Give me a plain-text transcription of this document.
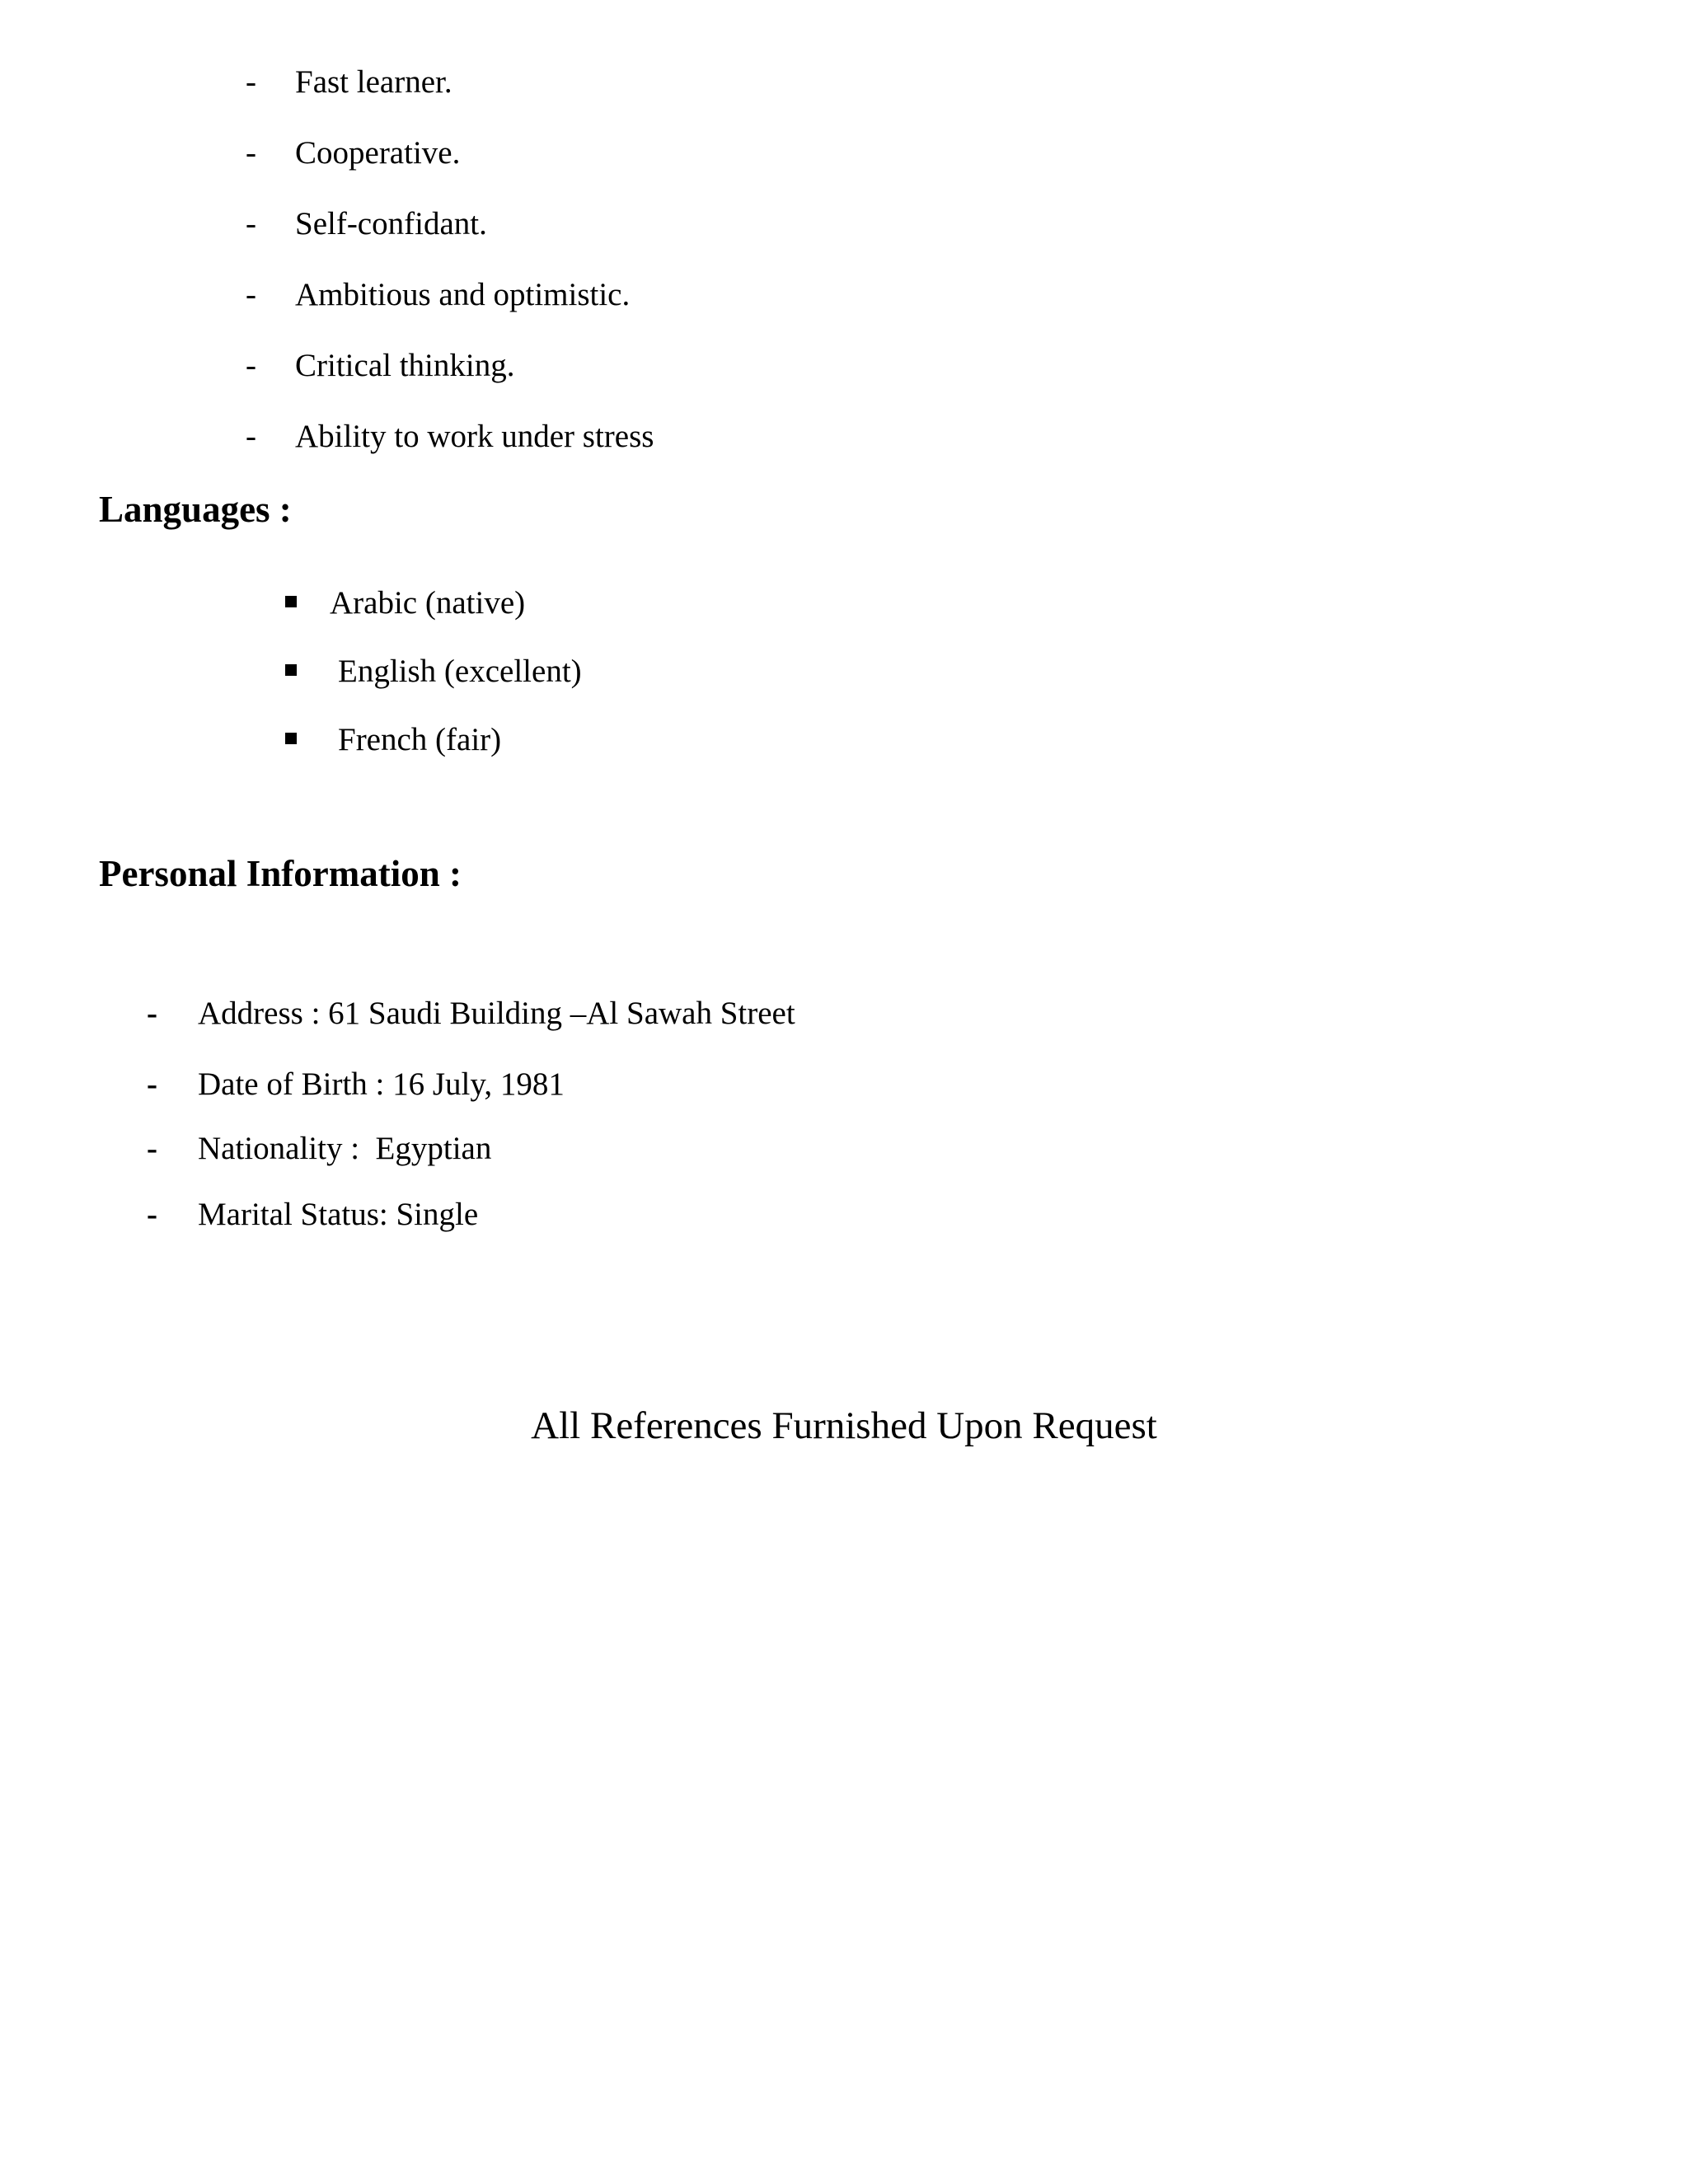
-	Fast learner.
-	Cooperative.
-	Self-confidant.
-	Ambitious and optimistic.
-	Critical thinking.
-	Ability to work under stress
Languages :
Arabic (native)
English (excellent)
French (fair)
Personal Information :
-	Address : 61 Saudi Building –Al Sawah Street
-	Date of Birth : 16 July, 1981
-	Nationality :  Egyptian
-	Marital Status: Single

All References Furnished Upon Request
